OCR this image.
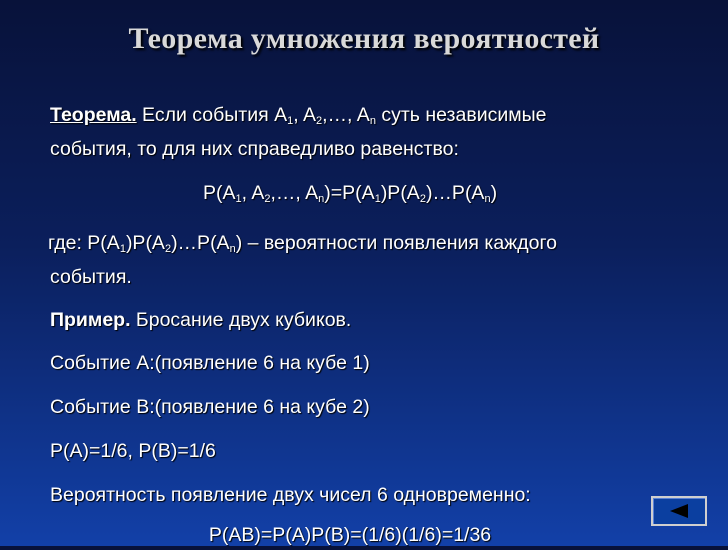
Теорема умножения вероятностей
Теорема. Если события $A_1$, $A_2,\dots$, $A_n$ суть независимые
события, то для них справедливо равенство:
$P(A_1$, $A_2,\dots$, $A_n)=P(A_1)P(A_2)\dots P(A_n)$
где: $P(A_1)P(A_2)\dots P(A_n)$ – вероятности появления каждого
события.
Пример. Бросание двух кубиков.
Событие A:(появление 6 на кубе 1)
Событие B:(появление 6 на кубе 2)
P(A)=1/6, P(B)=1/6
Вероятность появление двух чисел 6 одновременно:
P(AB)=P(A)P(B)=(1/6)(1/6)=1/36
